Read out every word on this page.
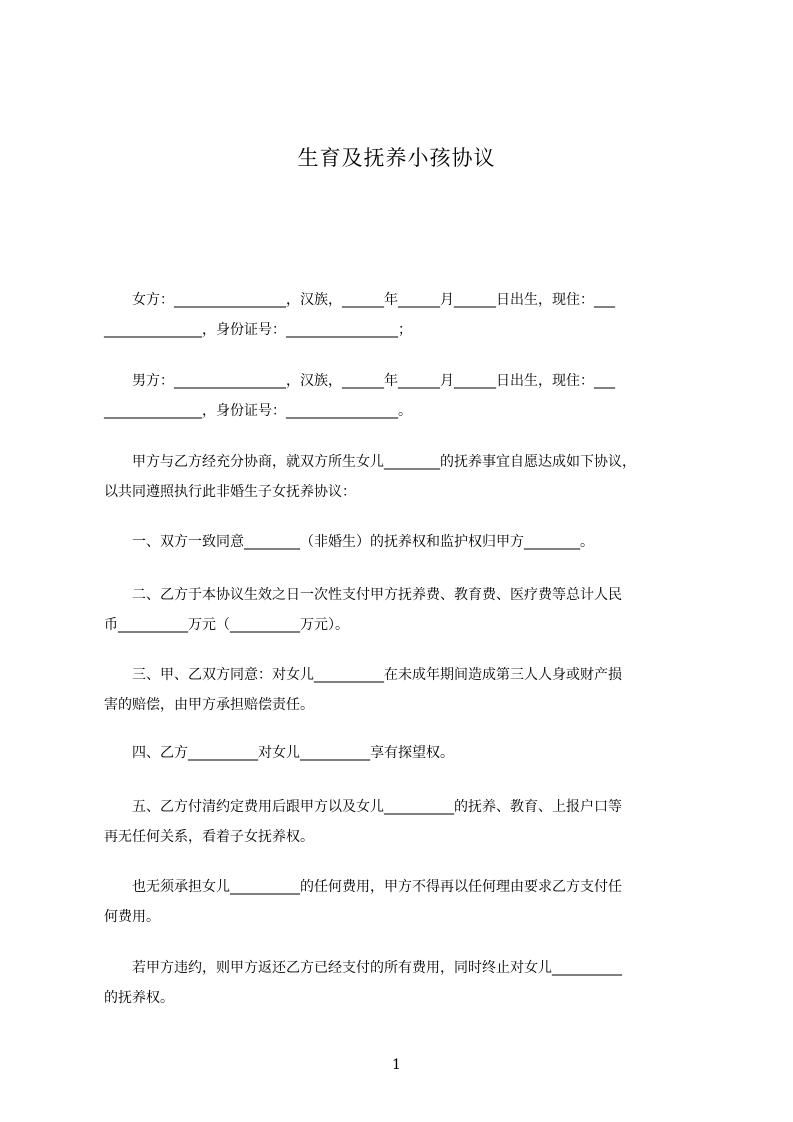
生育及抚养小孩协议
　　女方：________________，汉族，______年______月______日出生，现住：___
______________，身份证号：________________；
　　男方：________________，汉族，______年______月______日出生，现住：___
______________，身份证号：________________。
　　甲方与乙方经充分协商，就双方所生女儿________的抚养事宜自愿达成如下协议，
以共同遵照执行此非婚生子女抚养协议：
　　一、双方一致同意________（非婚生）的抚养权和监护权归甲方________。
　　二、乙方于本协议生效之日一次性支付甲方抚养费、教育费、医疗费等总计人民
币__________万元（__________万元）。
　　三、甲、乙双方同意：对女儿__________在未成年期间造成第三人人身或财产损
害的赔偿，由甲方承担赔偿责任。
　　四、乙方__________对女儿__________享有探望权。
　　五、乙方付清约定费用后跟甲方以及女儿__________的抚养、教育、上报户口等
再无任何关系，看着子女抚养权。
　　也无须承担女儿__________的任何费用，甲方不得再以任何理由要求乙方支付任
何费用。
　　若甲方违约，则甲方返还乙方已经支付的所有费用，同时终止对女儿__________
的抚养权。
1
